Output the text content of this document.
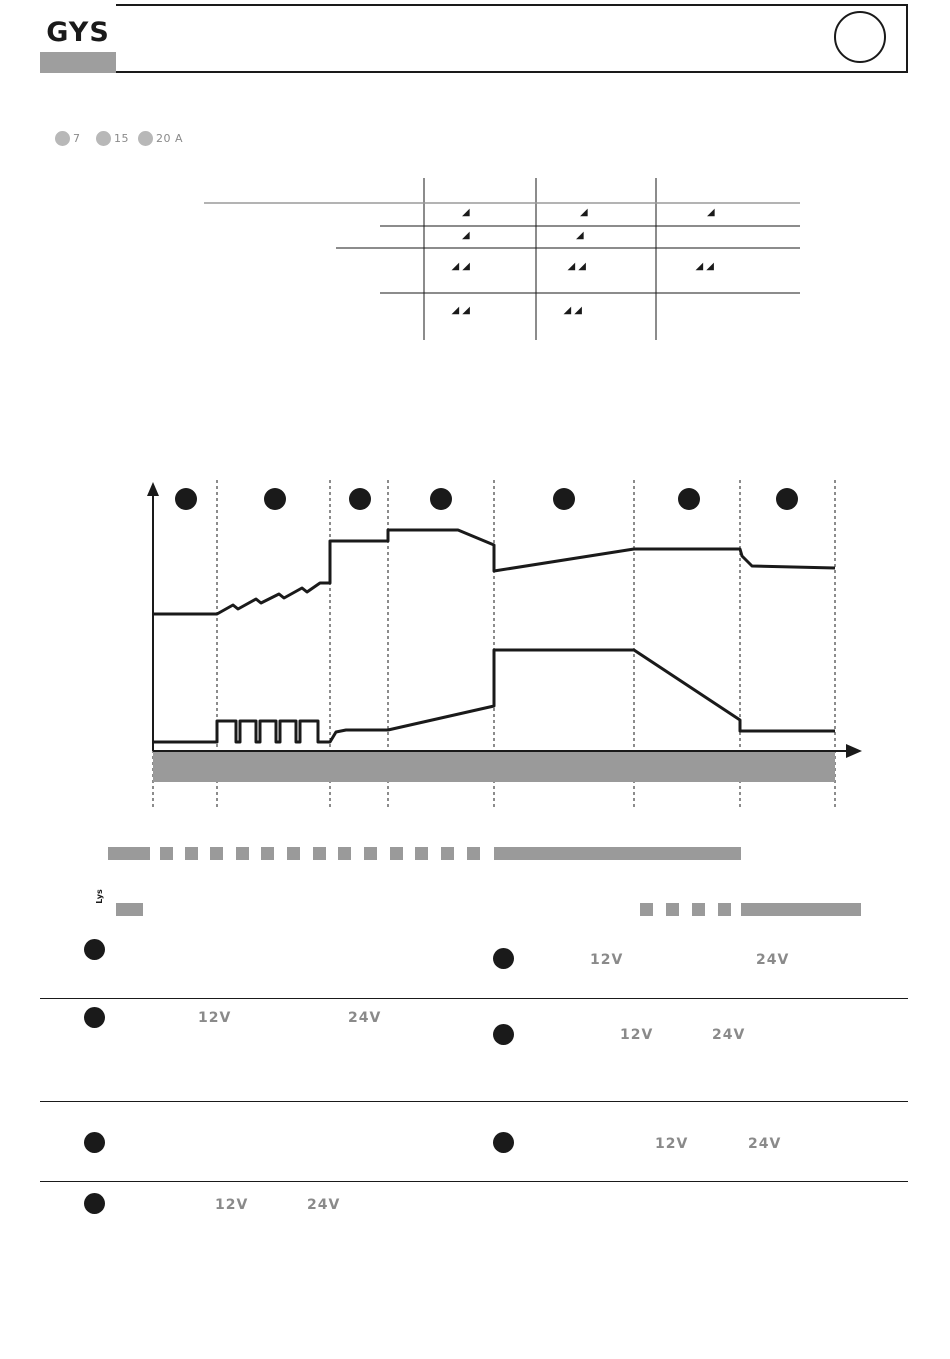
GYS
7	15 20 A
◢	◢	◢
◢	◢
◢ ◢	◢ ◢	◢ ◢
◢ ◢	◢ ◢
Lys
12V	24V
12V	24V
12V	24V
12V	24V
12V	24V
